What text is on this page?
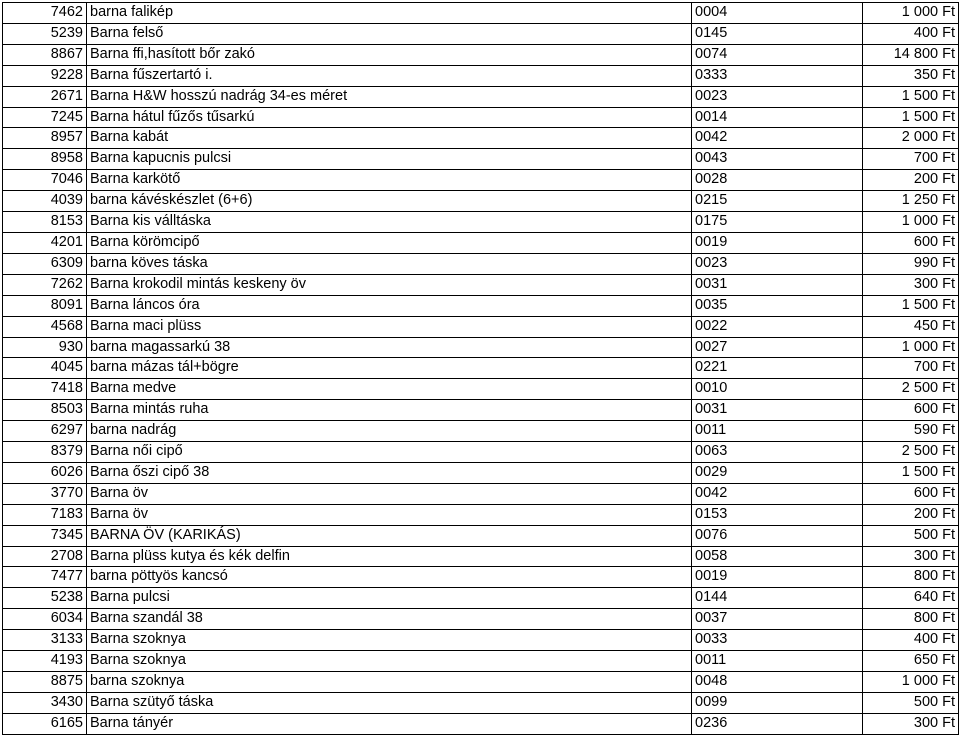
7462	barna falikép	0004	1 000 Ft
5239	Barna felső	0145	400 Ft
8867	Barna ffi,hasított bőr zakó	0074	14 800 Ft
9228	Barna fűszertartó i.	0333	350 Ft
2671	Barna H&W hosszú nadrág 34-es méret	0023	1 500 Ft
7245	Barna hátul fűzős tűsarkú	0014	1 500 Ft
8957	Barna kabát	0042	2 000 Ft
8958	Barna kapucnis pulcsi	0043	700 Ft
7046	Barna karkötő	0028	200 Ft
4039	barna kávéskészlet (6+6)	0215	1 250 Ft
8153	Barna kis válltáska	0175	1 000 Ft
4201	Barna körömcipő	0019	600 Ft
6309	barna köves táska	0023	990 Ft
7262	Barna krokodil mintás keskeny öv	0031	300 Ft
8091	Barna láncos óra	0035	1 500 Ft
4568	Barna maci plüss	0022	450 Ft
930	barna magassarkú 38	0027	1 000 Ft
4045	barna mázas tál+bögre	0221	700 Ft
7418	Barna medve	0010	2 500 Ft
8503	Barna mintás ruha	0031	600 Ft
6297	barna nadrág	0011	590 Ft
8379	Barna női cipő	0063	2 500 Ft
6026	Barna őszi cipő 38	0029	1 500 Ft
3770	Barna öv	0042	600 Ft
7183	Barna öv	0153	200 Ft
7345	BARNA ÖV (KARIKÁS)	0076	500 Ft
2708	Barna plüss kutya és kék delfin	0058	300 Ft
7477	barna pöttyös kancsó	0019	800 Ft
5238	Barna pulcsi	0144	640 Ft
6034	Barna szandál 38	0037	800 Ft
3133	Barna szoknya	0033	400 Ft
4193	Barna szoknya	0011	650 Ft
8875	barna szoknya	0048	1 000 Ft
3430	Barna szütyő táska	0099	500 Ft
6165	Barna tányér	0236	300 Ft
